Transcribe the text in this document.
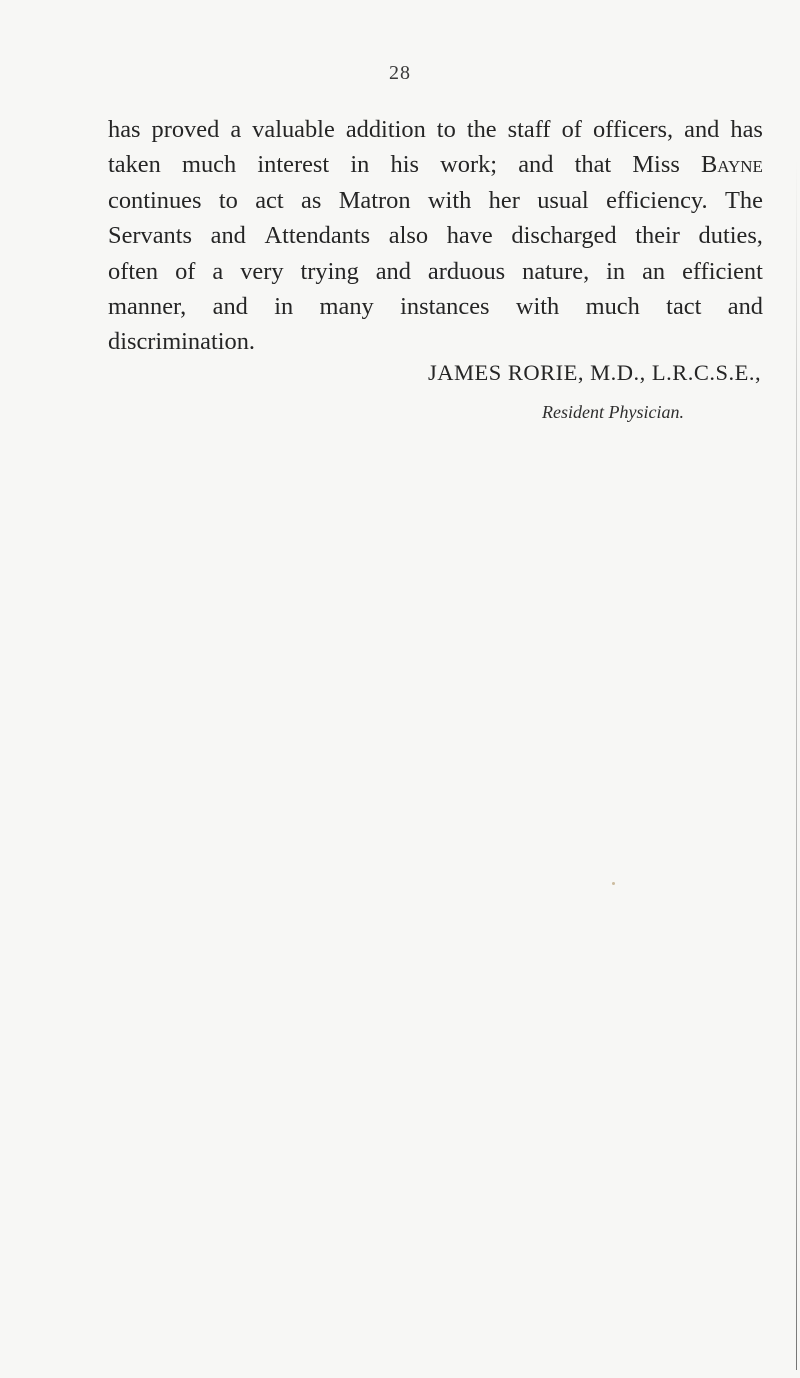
28
has proved a valuable addition to the staff of officers, and has
taken much interest in his work; and that Miss Bayne
continues to act as Matron with her usual efficiency. The
Servants and Attendants also have discharged their duties,
often of a very trying and arduous nature, in an efficient
manner, and in many instances with much tact and
discrimination.
JAMES RORIE, M.D., L.R.C.S.E.,
Resident Physician.
